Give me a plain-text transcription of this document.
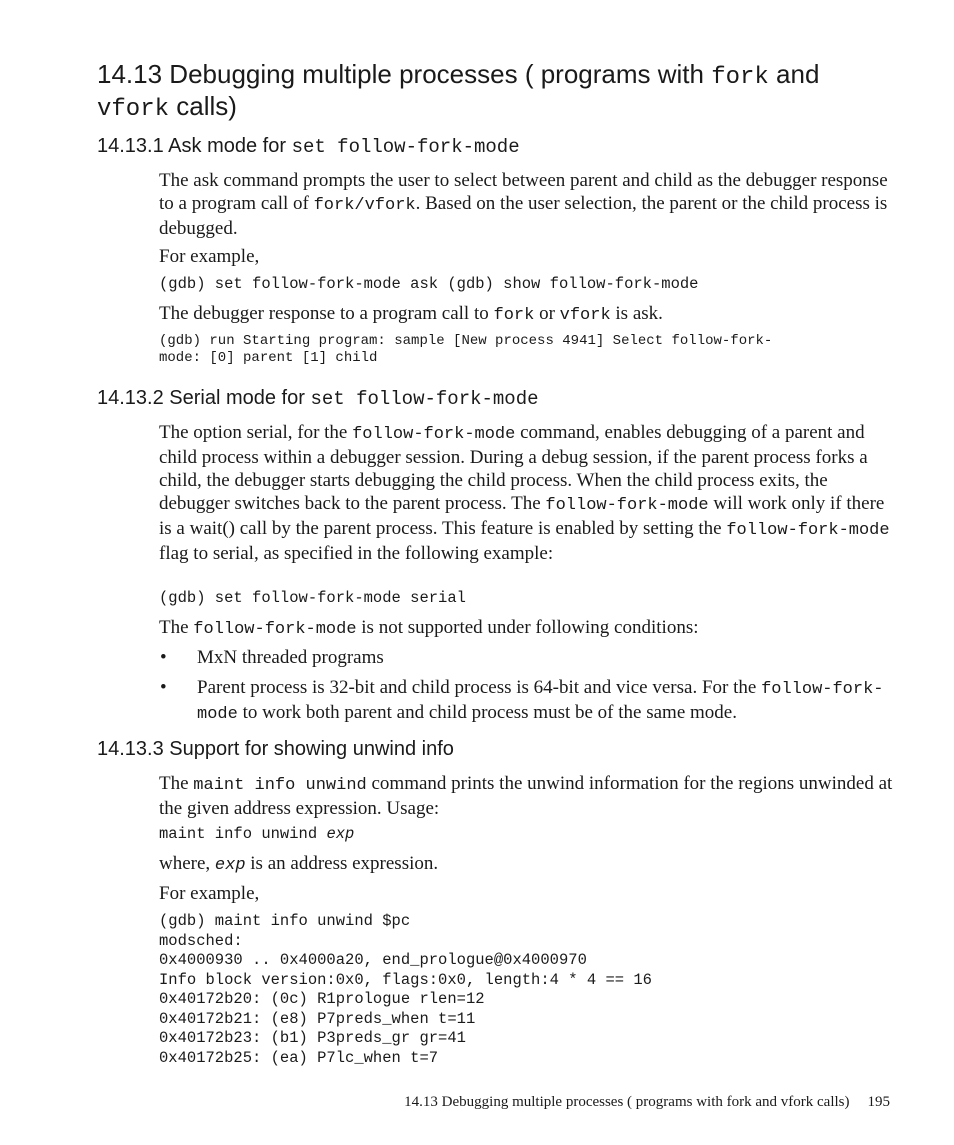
14.13 Debugging multiple processes ( programs with fork and vfork calls)
14.13.1 Ask mode for set follow-fork-mode

The ask command prompts the user to select between parent and child as the debugger response to a program call of fork/vfork. Based on the user selection, the parent or the child process is debugged.

For example,

(gdb) set follow-fork-mode ask (gdb) show follow-fork-mode

The debugger response to a program call to fork or vfork is ask.

(gdb) run Starting program: sample [New process 4941] Select follow-fork-
mode: [0] parent [1] child
14.13.2 Serial mode for set follow-fork-mode

The option serial, for the follow-fork-mode command, enables debugging of a parent and child process within a debugger session. During a debug session, if the parent process forks a child, the debugger starts debugging the child process. When the child process exits, the debugger switches back to the parent process. The follow-fork-mode will work only if there is a wait() call by the parent process. This feature is enabled by setting the follow-fork-mode flag to serial, as specified in the following example:

(gdb) set follow-fork-mode serial

The follow-fork-mode is not supported under following conditions:

• MxN threaded programs
• Parent process is 32-bit and child process is 64-bit and vice versa. For the follow-fork-mode to work both parent and child process must be of the same mode.
14.13.3 Support for showing unwind info

The maint info unwind command prints the unwind information for the regions unwinded at the given address expression. Usage:

maint info unwind exp

where, exp is an address expression.

For example,

(gdb) maint info unwind $pc
modsched:
0x4000930 .. 0x4000a20, end_prologue@0x4000970
Info block version:0x0, flags:0x0, length:4 * 4 == 16
0x40172b20: (0c) R1prologue rlen=12
0x40172b21: (e8) P7preds_when t=11
0x40172b23: (b1) P3preds_gr gr=41
0x40172b25: (ea) P7lc_when t=7
14.13 Debugging multiple processes ( programs with fork and vfork calls) 195
